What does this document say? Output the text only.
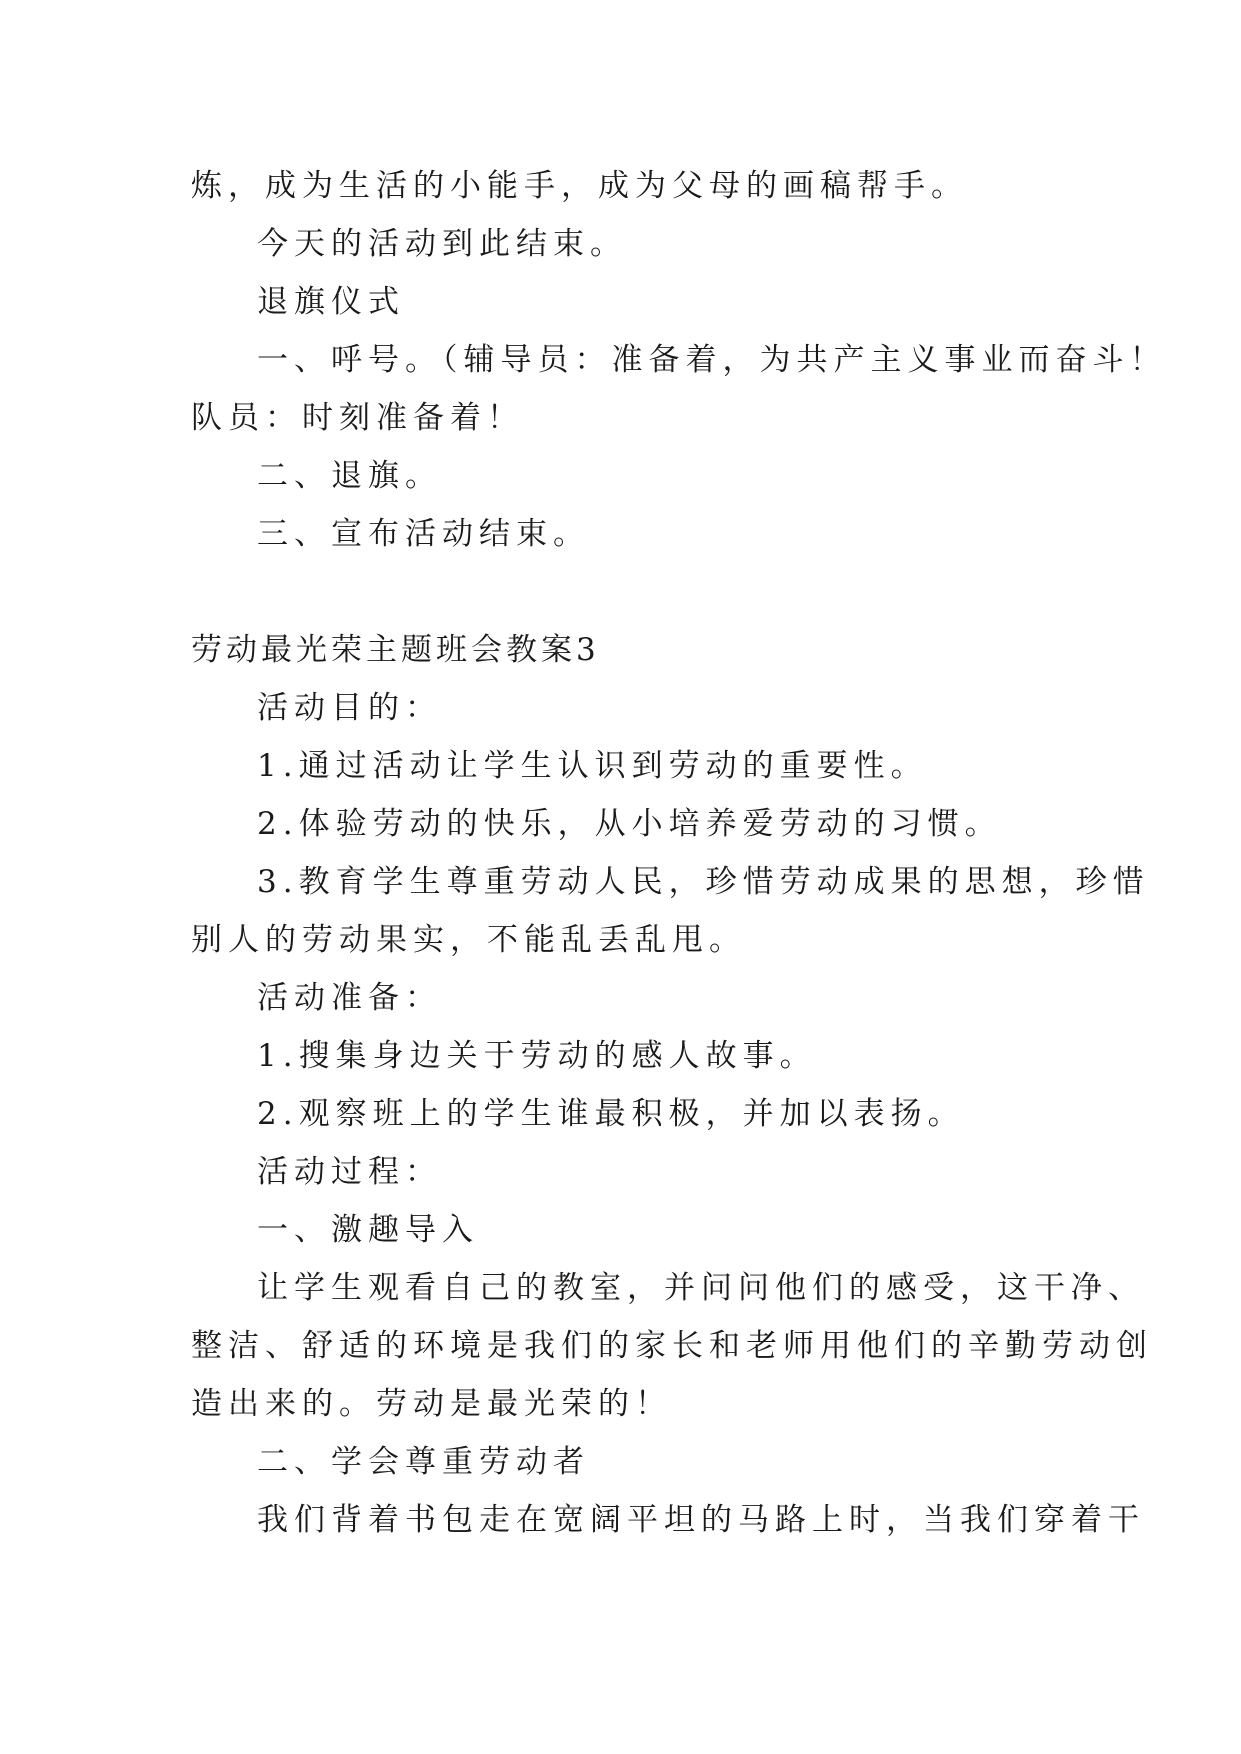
炼，成为生活的小能手，成为父母的画稿帮手。
今天的活动到此结束。
退旗仪式
一、呼号。（辅导员：准备着，为共产主义事业而奋斗！
队员：时刻准备着！
二、退旗。
三、宣布活动结束。
劳动最光荣主题班会教案3
活动目的：
1.通过活动让学生认识到劳动的重要性。
2.体验劳动的快乐，从小培养爱劳动的习惯。
3.教育学生尊重劳动人民，珍惜劳动成果的思想，珍惜
别人的劳动果实，不能乱丢乱甩。
活动准备：
1.搜集身边关于劳动的感人故事。
2.观察班上的学生谁最积极，并加以表扬。
活动过程：
一、激趣导入
让学生观看自己的教室，并问问他们的感受，这干净、
整洁、舒适的环境是我们的家长和老师用他们的辛勤劳动创
造出来的。劳动是最光荣的！
二、学会尊重劳动者
我们背着书包走在宽阔平坦的马路上时，当我们穿着干
